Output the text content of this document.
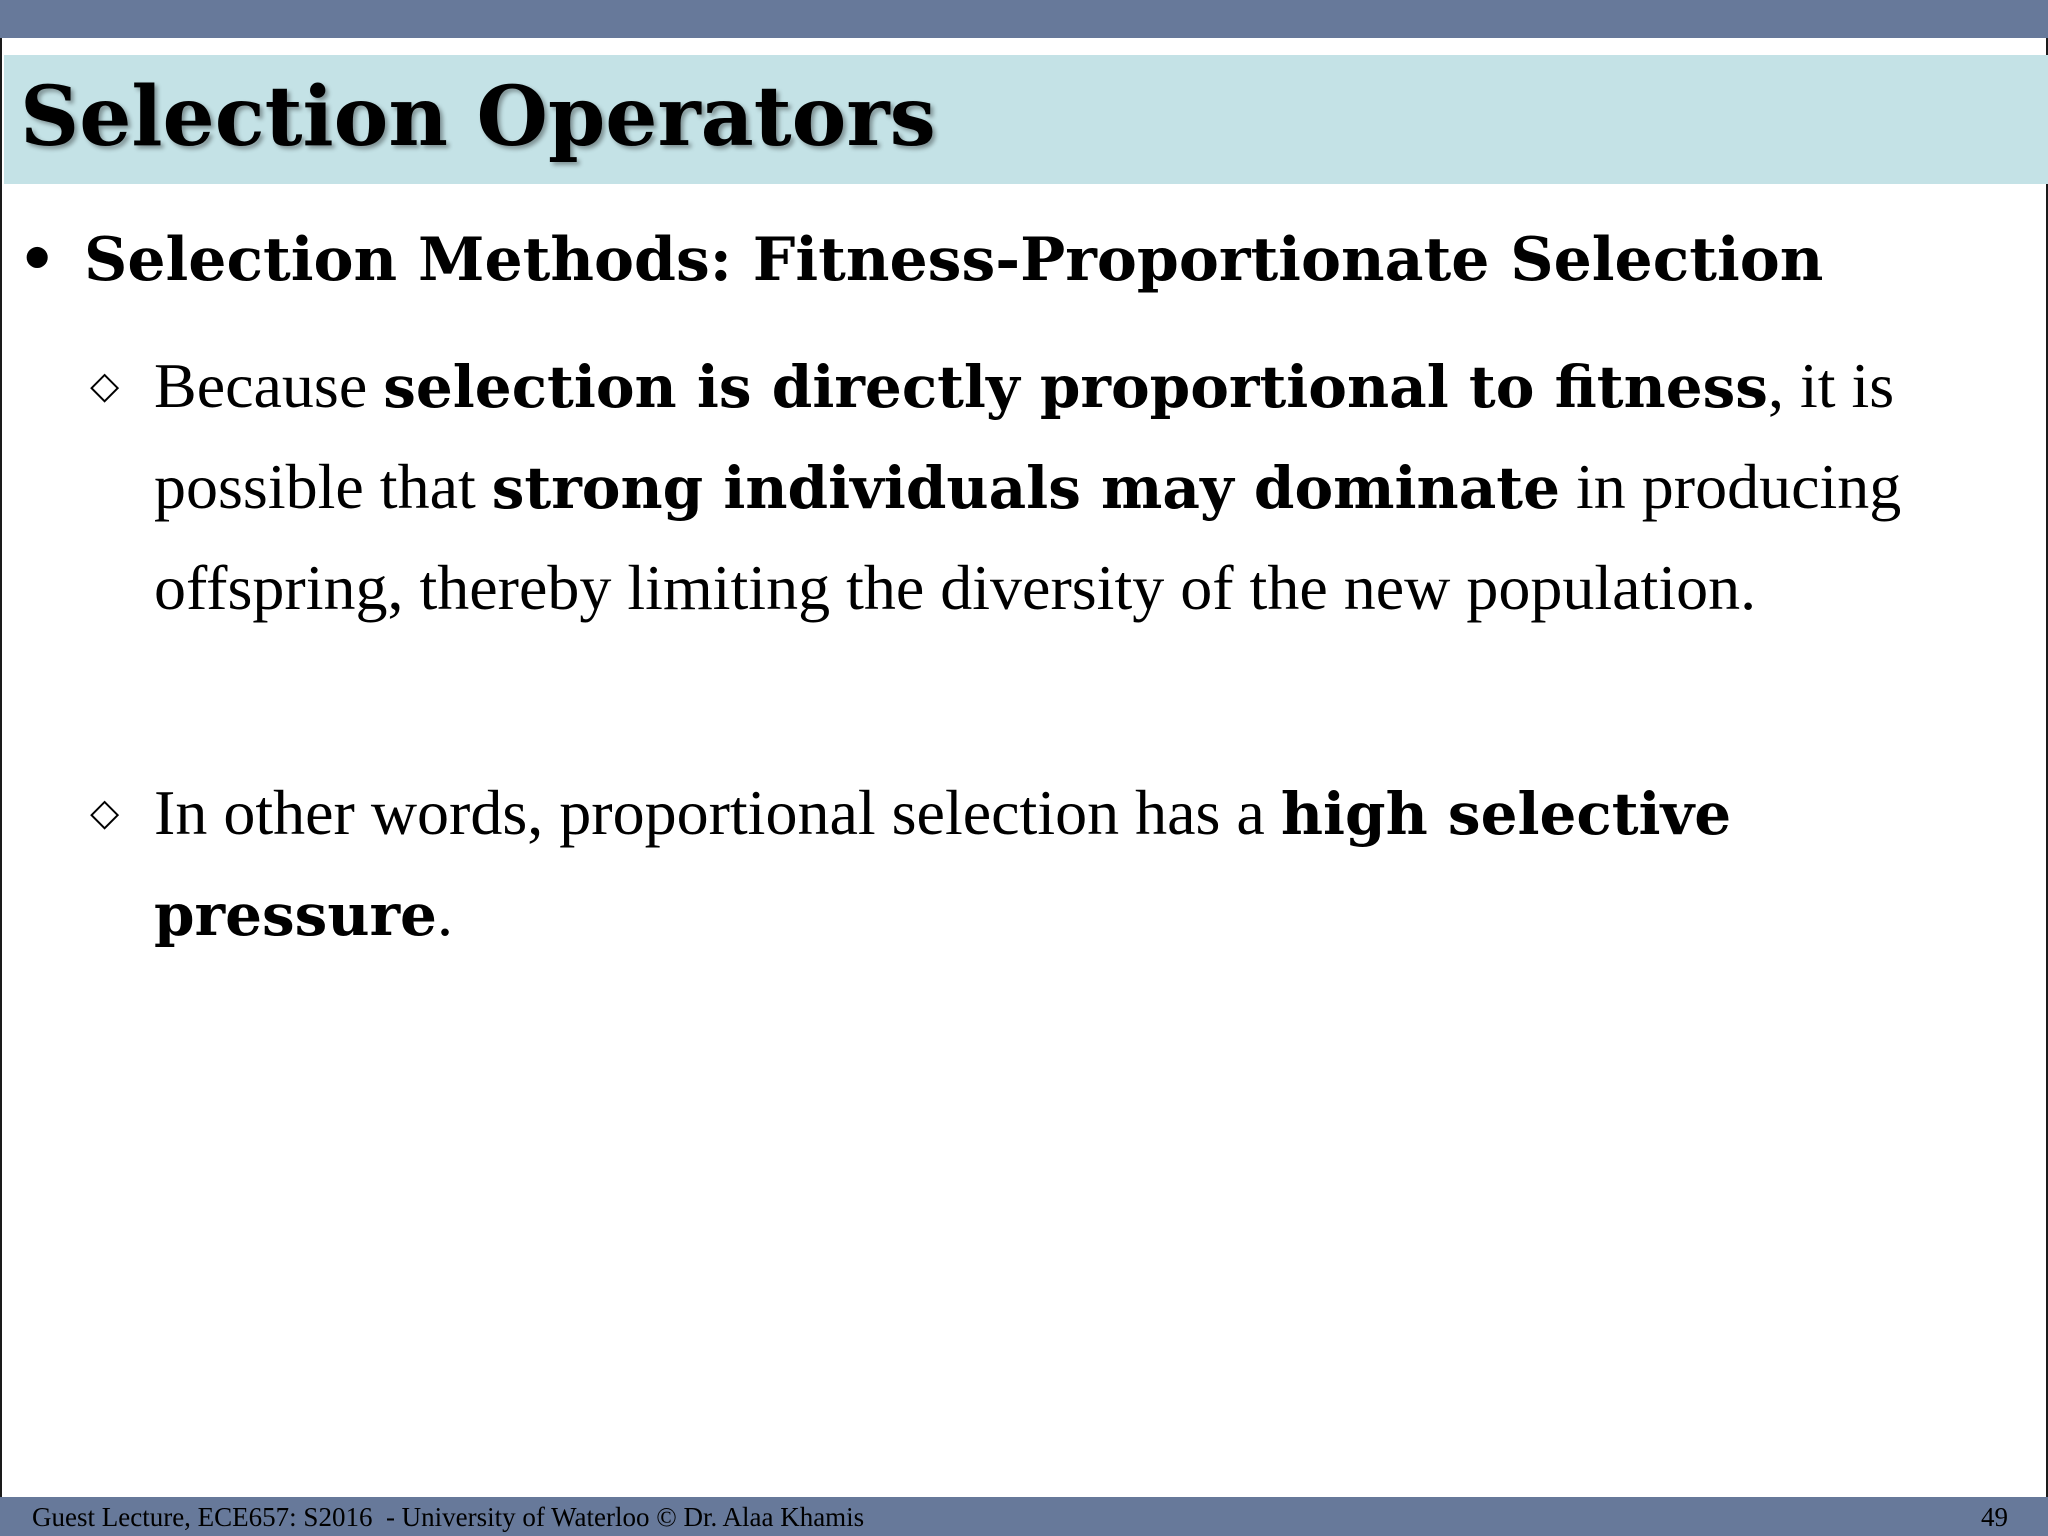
Selection Operators
• Selection Methods: Fitness-Proportionate Selection
◇ Because selection is directly proportional to fitness, it is possible that strong individuals may dominate in producing offspring, thereby limiting the diversity of the new population.
◇ In other words, proportional selection has a high selective pressure.
Guest Lecture, ECE657: S2016  - University of Waterloo © Dr. Alaa Khamis	49
